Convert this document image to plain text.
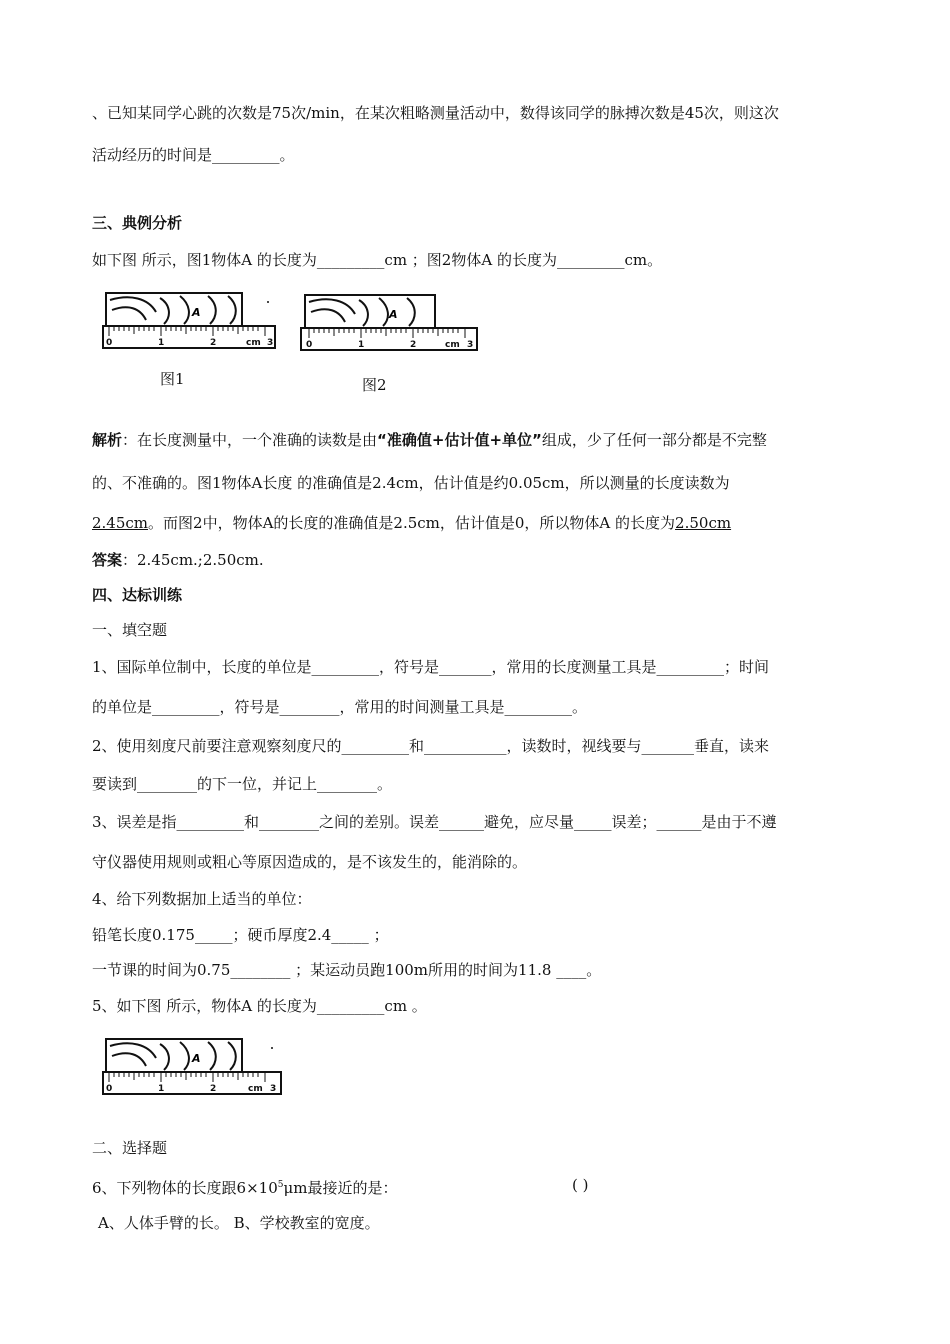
、已知某同学心跳的次数是75次/min，在某次粗略测量活动中，数得该同学的脉搏次数是45次，则这次
活动经历的时间是_________。
三、典例分析
如下图 所示，图1物体A 的长度为_________cm ；图2物体A 的长度为_________cm。
A
0	1	2	cm 3
图1
A
0	1	2	cm 3
图2
解析：在长度测量中，一个准确的读数是由“准确值+估计值+单位”组成，少了任何一部分都是不完整
的、不准确的。图1物体A长度 的准确值是2.4cm，估计值是约0.05cm，所以测量的长度读数为
2.45cm。而图2中，物体A的长度的准确值是2.5cm，估计值是0，所以物体A 的长度为2.50cm
答案：2.45cm.;2.50cm.
四、达标训练
一、填空题
1、国际单位制中，长度的单位是_________，符号是_______，常用的长度测量工具是_________；时间
的单位是_________，符号是________，常用的时间测量工具是_________。
2、使用刻度尺前要注意观察刻度尺的_________和___________，读数时，视线要与_______垂直，读来
要读到________的下一位，并记上________。
3、误差是指_________和________之间的差别。误差______避免，应尽量_____误差；______是由于不遵
守仪器使用规则或粗心等原因造成的，是不该发生的，能消除的。
4、给下列数据加上适当的单位：
铅笔长度0.175_____；硬币厚度2.4_____ ；
一节课的时间为0.75________ ；某运动员跑100m所用的时间为11.8 ____。
5、如下图 所示，物体A 的长度为_________cm 。
A
0	1	2	cm 3
二、选择题
6、下列物体的长度跟$6\times 10^5\mu m$最接近的是：	( )
A、人体手臂的长。 B、学校教室的宽度。
